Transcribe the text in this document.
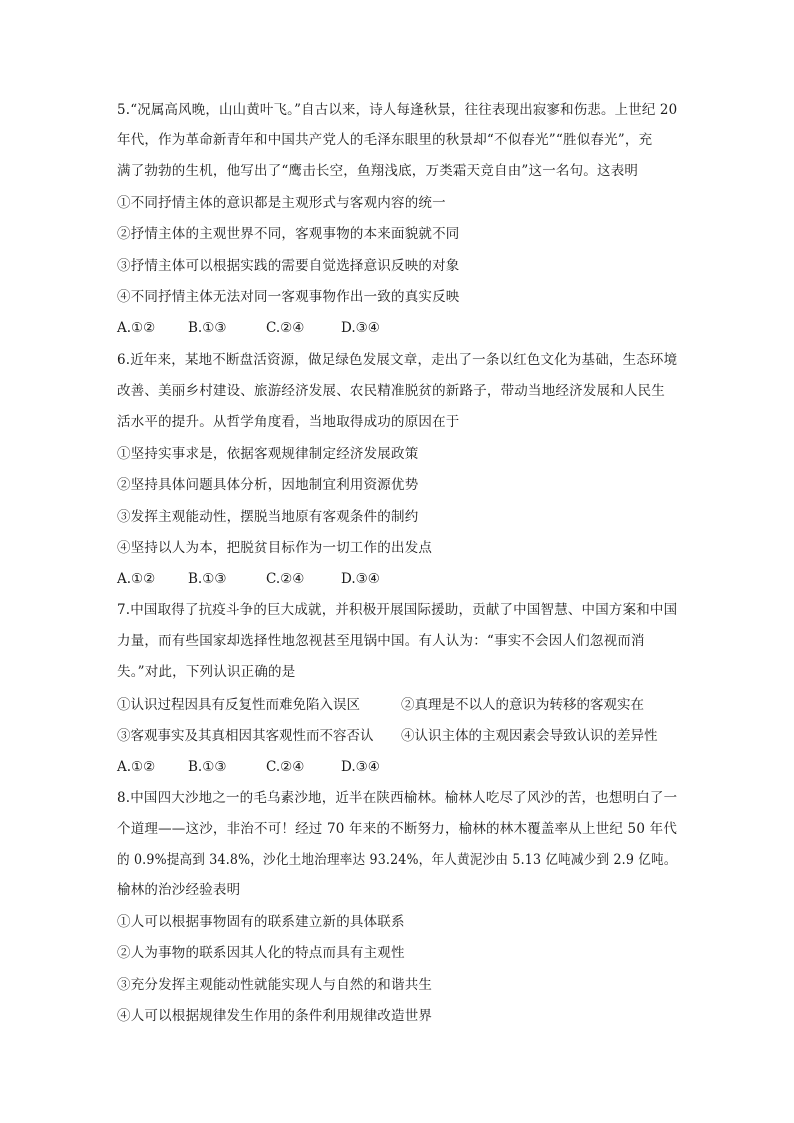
5.“况属高风晚，山山黄叶飞。”自古以来，诗人每逢秋景，往往表现出寂寥和伤悲。上世纪 20
年代，作为革命新青年和中国共产党人的毛泽东眼里的秋景却“不似春光”“胜似春光”，充
满了勃勃的生机，他写出了“鹰击长空，鱼翔浅底，万类霜天竞自由”这一名句。这表明
①不同抒情主体的意识都是主观形式与客观内容的统一
②抒情主体的主观世界不同，客观事物的本来面貌就不同
③抒情主体可以根据实践的需要自觉选择意识反映的对象
④不同抒情主体无法对同一客观事物作出一致的真实反映
A.①② B.①③	C.②④	D.③④
6.近年来，某地不断盘活资源，做足绿色发展文章，走出了一条以红色文化为基础，生态环境
改善、美丽乡村建设、旅游经济发展、农民精准脱贫的新路子，带动当地经济发展和人民生
活水平的提升。从哲学角度看，当地取得成功的原因在于
①坚持实事求是，依据客观规律制定经济发展政策
②坚持具体问题具体分析，因地制宜利用资源优势
③发挥主观能动性，摆脱当地原有客观条件的制约
④坚持以人为本，把脱贫目标作为一切工作的出发点
A.①② B.①③	C.②④	D.③④
7.中国取得了抗疫斗争的巨大成就，并积极开展国际援助，贡献了中国智慧、中国方案和中国
力量，而有些国家却选择性地忽视甚至甩锅中国。有人认为：“事实不会因人们忽视而消
失。”对此，下列认识正确的是
①认识过程因具有反复性而难免陷入误区	②真理是不以人的意识为转移的客观实在
③客观事实及其真相因其客观性而不容否认 ④认识主体的主观因素会导致认识的差异性
A.①② B.①③	C.②④	D.③④
8.中国四大沙地之一的毛乌素沙地，近半在陕西榆林。榆林人吃尽了风沙的苦，也想明白了一
个道理——这沙，非治不可！经过 70 年来的不断努力，榆林的林木覆盖率从上世纪 50 年代
的 0.9%提高到 34.8%，沙化土地治理率达 93.24%，年人黄泥沙由 5.13 亿吨减少到 2.9 亿吨。
榆林的治沙经验表明
①人可以根据事物固有的联系建立新的具体联系
②人为事物的联系因其人化的特点而具有主观性
③充分发挥主观能动性就能实现人与自然的和谐共生
④人可以根据规律发生作用的条件利用规律改造世界
